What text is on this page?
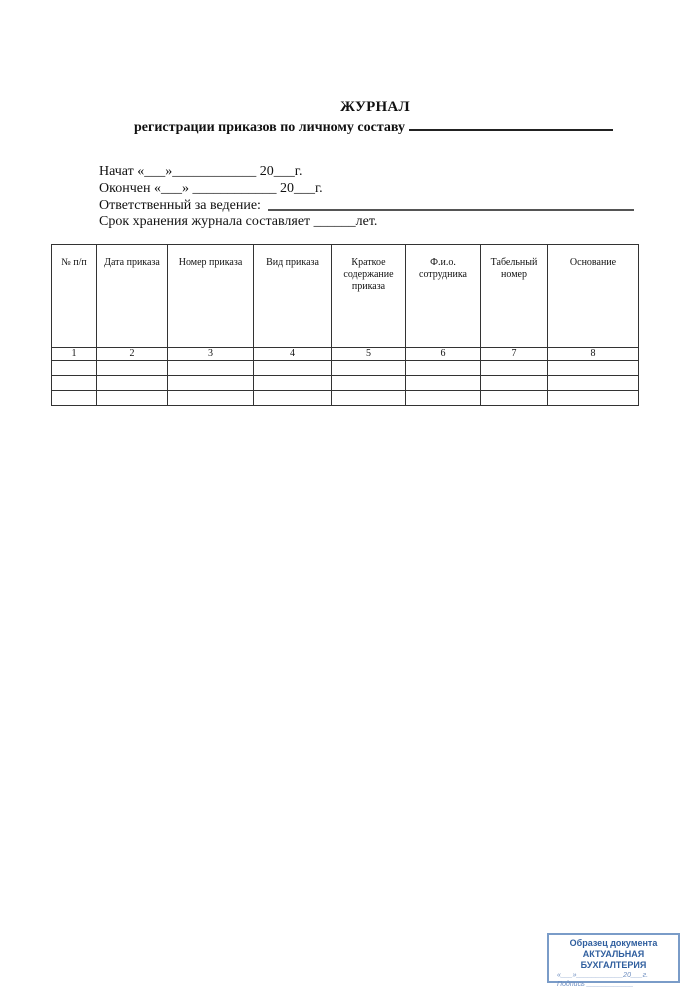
ЖУРНАЛ
регистрации приказов по личному составу
Начат «___»____________ 20___г.
Окончен «___» ____________ 20___г.
Ответственный за ведение:
Срок хранения журнала составляет ______лет.
№ п/п	Дата приказа	Номер приказа	Вид приказа	Краткое содержание приказа	Ф.и.о. сотрудника	Табельный номер	Основание
1	2	3	4	5	6	7	8

Образец документа
АКТУАЛЬНАЯ БУХГАЛТЕРИЯ
«___»____________20___г.
Подпись ____________
